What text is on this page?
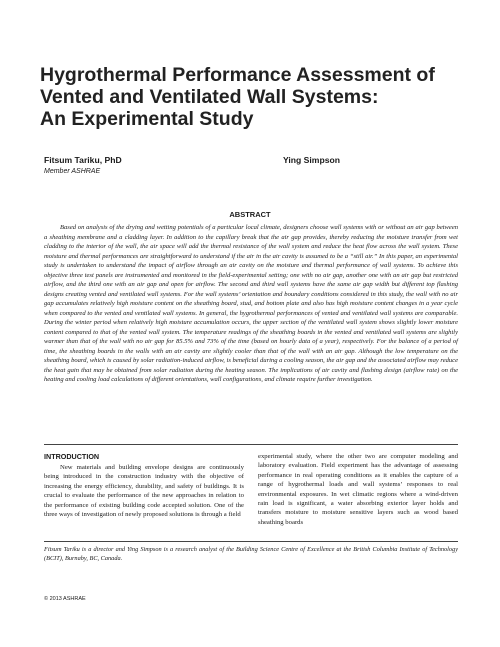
Hygrothermal Performance Assessment of
Vented and Ventilated Wall Systems:
An Experimental Study
Fitsum Tariku, PhD
Member ASHRAE
Ying Simpson
ABSTRACT

Based on analysis of the drying and wetting potentials of a particular local climate, designers choose wall systems with or without an air gap between a sheathing membrane and a cladding layer. In addition to the capillary break that the air gap provides, thereby reducing the moisture transfer from wet cladding to the interior of the wall, the air space will add the thermal resistance of the wall system and reduce the heat flow across the wall system. These moisture and thermal performances are straightforward to understand if the air in the air cavity is assumed to be a “still air.” In this paper, an experimental study is undertaken to understand the impact of airflow through an air cavity on the moisture and thermal performance of wall systems. To achieve this objective three test panels are instrumented and monitored in the field-experimental setting; one with no air gap, another one with an air gap but restricted airflow, and the third one with an air gap and open for airflow. The second and third wall systems have the same air gap width but different top flashing designs creating vented and ventilated wall systems. For the wall systems’ orientation and boundary conditions considered in this study, the wall with no air gap accumulates relatively high moisture content on the sheathing board, stud, and bottom plate and also has high moisture content changes in a year cycle when compared to the vented and ventilated wall systems. In general, the hygrothermal performances of vented and ventilated wall systems are comparable. During the winter period when relatively high moisture accumulation occurs, the upper section of the ventilated wall system shows slightly lower moisture content compared to that of the vented wall system. The temperature readings of the sheathing boards in the vented and ventilated wall systems are slightly warmer than that of the wall with no air gap for 85.5% and 73% of the time (based on hourly data of a year), respectively. For the balance of a period of time, the sheathing boards in the walls with an air cavity are slightly cooler than that of the wall with an air gap. Although the low temperature on the sheathing board, which is caused by solar radiation-induced airflow, is beneficial during a cooling season, the air gap and the associated airflow may reduce the heat gain that may be obtained from solar radiation during the heating season. The implications of air cavity and flashing design (airflow rate) on the heating and cooling load calculations of different orientations, wall configurations, and climate require further investigation.

INTRODUCTION

New materials and building envelope designs are continuously being introduced in the construction industry with the objective of increasing the energy efficiency, durability, and safety of buildings. It is crucial to evaluate the performance of the new approaches in relation to the performance of existing building code accepted solution. One of the three ways of investigation of newly proposed solutions is through a field

experimental study, where the other two are computer modeling and laboratory evaluation. Field experiment has the advantage of assessing performance in real operating conditions as it enables the capture of a range of hygrothermal loads and wall systems’ responses to real environmental exposures. In wet climatic regions where a wind-driven rain load is significant, a water absorbing exterior layer holds and transfers moisture to moisture sensitive layers such as wood based sheathing boards

Fitsum Tariku is a director and Ying Simpson is a research analyst of the Building Science Centre of Excellence at the British Columbia Institute of Technology (BCIT), Burnaby, BC, Canada.

© 2013 ASHRAE
